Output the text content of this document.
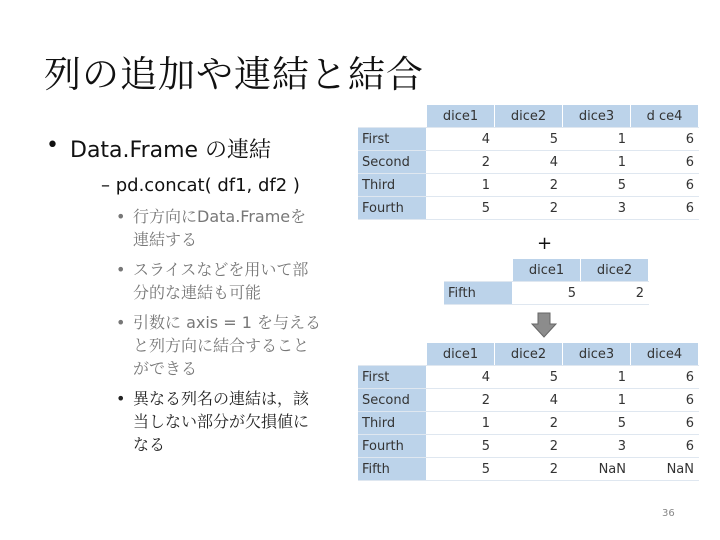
列の追加や連結と結合
• Data.Frame の連結
– pd.concat( df1, df2 )
• 行方向にData.Frameを
連結する
• スライスなどを用いて部
分的な連結も可能
• 引数に axis = 1 を与える
と列方向に結合すること
ができる
• 異なる列名の連結は，該
当しない部分が欠損値に
なる
	dice1	dice2	dice3	d ce4
First	4	5	1	6
Second	2	4	1	6
Third	1	2	5	6
Fourth	5	2	3	6
+
	dice1	dice2
Fifth	5	2
	dice1	dice2	dice3	dice4
First	4	5	1	6
Second	2	4	1	6
Third	1	2	5	6
Fourth	5	2	3	6
Fifth	5	2	NaN	NaN
36
